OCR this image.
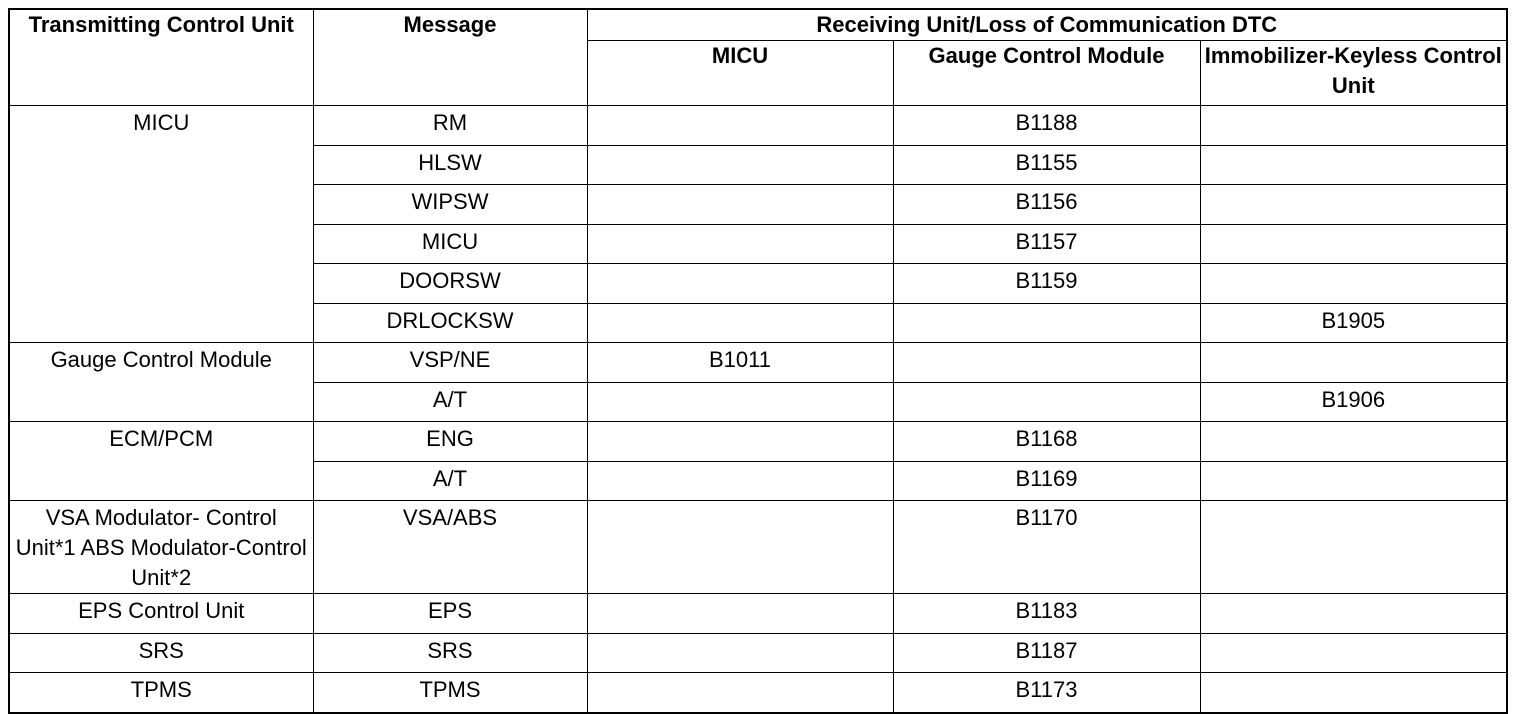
Transmitting Control Unit	Message	Receiving Unit/Loss of Communication DTC		
		MICU	Gauge Control Module	Immobilizer-Keyless Control Unit
MICU	RM		B1188	
	HLSW		B1155	
	WIPSW		B1156	
	MICU		B1157	
	DOORSW		B1159	
	DRLOCKSW			B1905
Gauge Control Module	VSP/NE	B1011		
	A/T			B1906
ECM/PCM	ENG		B1168	
	A/T		B1169	
VSA Modulator- Control Unit*1 ABS Modulator-Control Unit*2	VSA/ABS		B1170	
EPS Control Unit	EPS		B1183	
SRS	SRS		B1187	
TPMS	TPMS		B1173	
